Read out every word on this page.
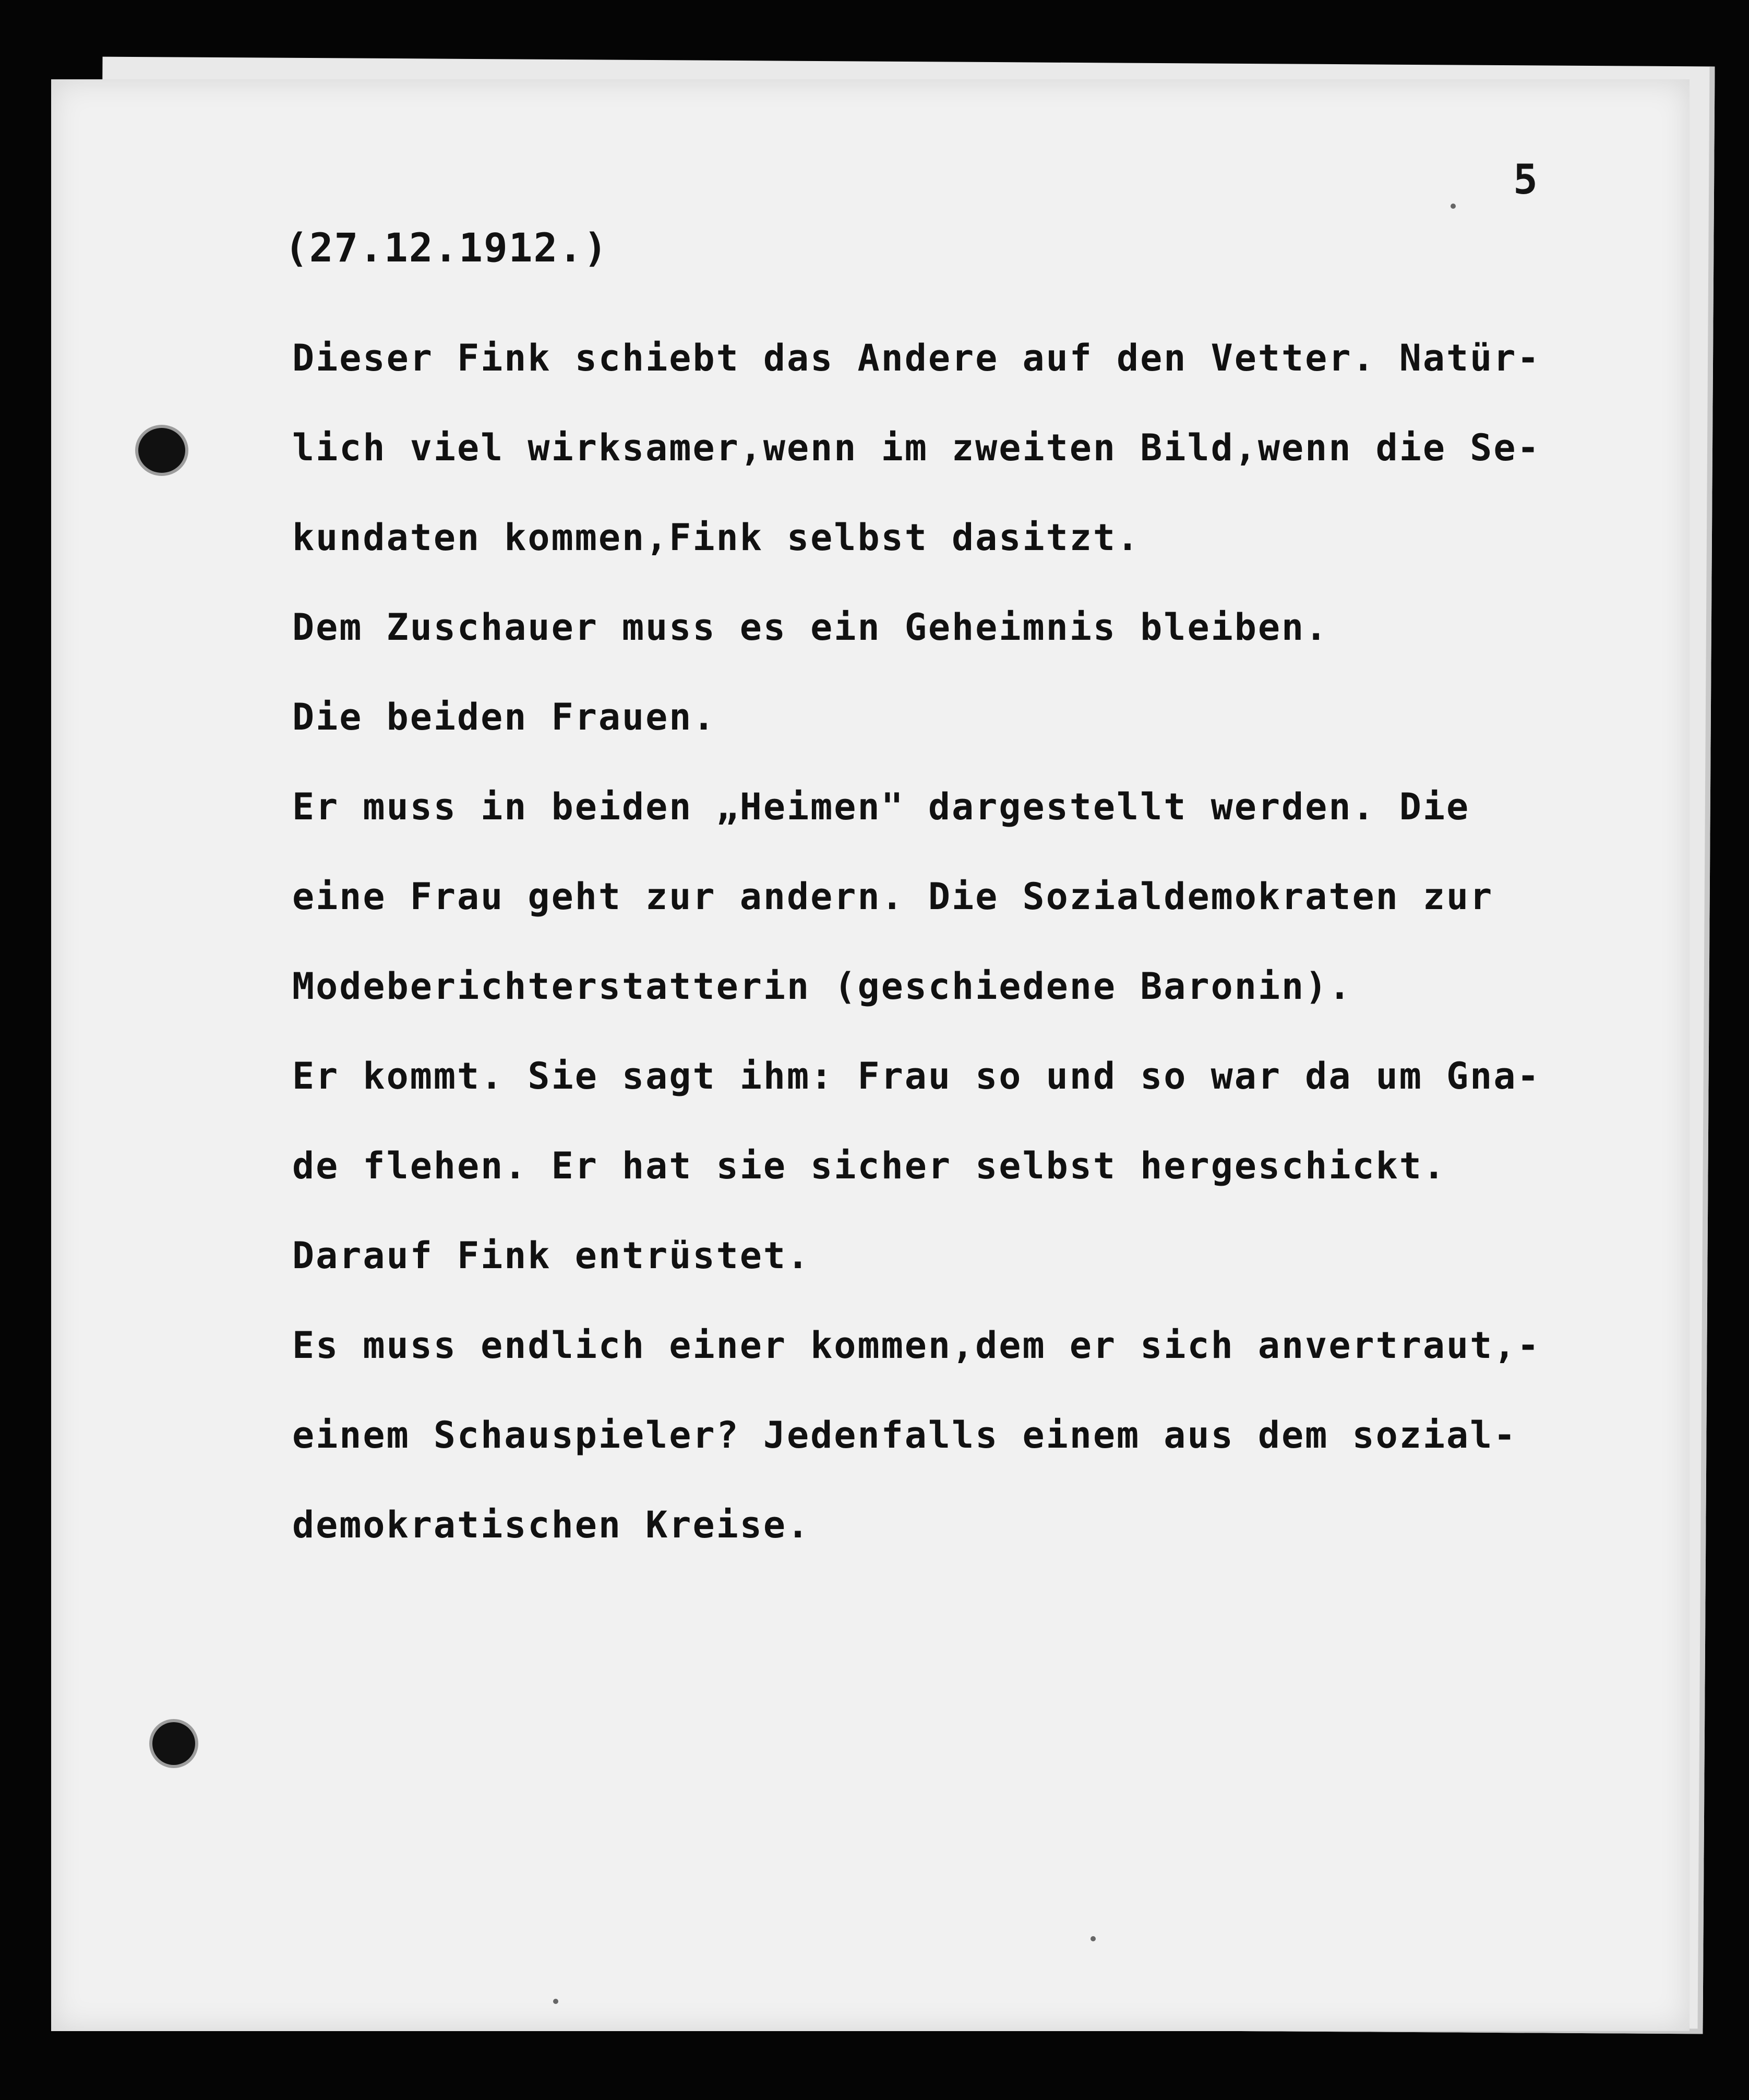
5
(27.12.1912.)
Dieser Fink schiebt das Andere auf den Vetter. Natür-
lich viel wirksamer,wenn im zweiten Bild,wenn die Se-
kundaten kommen,Fink selbst dasitzt.
Dem Zuschauer muss es ein Geheimnis bleiben.
Die beiden Frauen.
Er muss in beiden „Heimen" dargestellt werden. Die
eine Frau geht zur andern. Die Sozialdemokraten zur
Modeberichterstatterin (geschiedene Baronin).
Er kommt. Sie sagt ihm: Frau so und so war da um Gna-
de flehen. Er hat sie sicher selbst hergeschickt.
Darauf Fink entrüstet.
Es muss endlich einer kommen,dem er sich anvertraut,-
einem Schauspieler? Jedenfalls einem aus dem sozial-
demokratischen Kreise.
